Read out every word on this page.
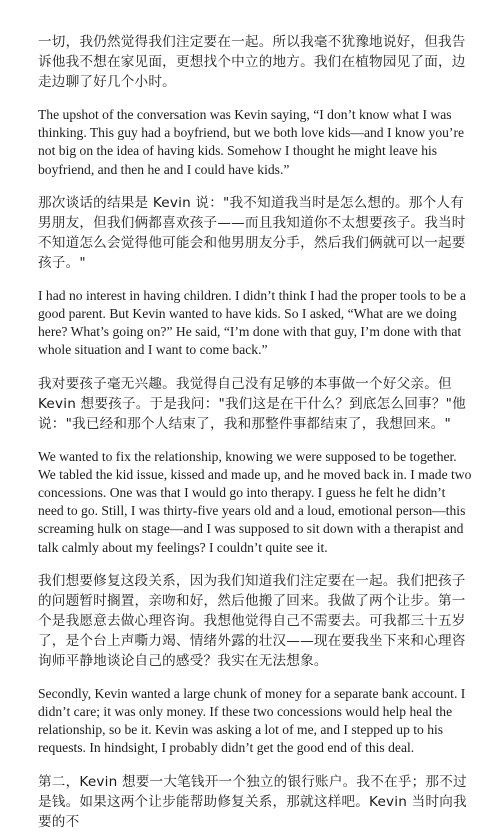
一切，我仍然觉得我们注定要在一起。所以我毫不犹豫地说好，但我告诉他我不想在家见面，更想找个中立的地方。我们在植物园见了面，边走边聊了好几个小时。

The upshot of the conversation was Kevin saying, “I don’t know what I was thinking. This guy had a boyfriend, but we both love kids—and I know you’re not big on the idea of having kids. Somehow I thought he might leave his boyfriend, and then he and I could have kids.”

那次谈话的结果是 Kevin 说："我不知道我当时是怎么想的。那个人有男朋友，但我们俩都喜欢孩子——而且我知道你不太想要孩子。我当时不知道怎么会觉得他可能会和他男朋友分手，然后我们俩就可以一起要孩子。"

I had no interest in having children. I didn’t think I had the proper tools to be a good parent. But Kevin wanted to have kids. So I asked, “What are we doing here? What’s going on?” He said, “I’m done with that guy, I’m done with that whole situation and I want to come back.”

我对要孩子毫无兴趣。我觉得自己没有足够的本事做一个好父亲。但 Kevin 想要孩子。于是我问："我们这是在干什么？到底怎么回事？"他说："我已经和那个人结束了，我和那整件事都结束了，我想回来。"

We wanted to fix the relationship, knowing we were supposed to be together. We tabled the kid issue, kissed and made up, and he moved back in. I made two concessions. One was that I would go into therapy. I guess he felt he didn’t need to go. Still, I was thirty-five years old and a loud, emotional person—this screaming hulk on stage—and I was supposed to sit down with a therapist and talk calmly about my feelings? I couldn’t quite see it.

我们想要修复这段关系，因为我们知道我们注定要在一起。我们把孩子的问题暂时搁置，亲吻和好，然后他搬了回来。我做了两个让步。第一个是我愿意去做心理咨询。我想他觉得自己不需要去。可我都三十五岁了，是个台上声嘶力竭、情绪外露的壮汉——现在要我坐下来和心理咨询师平静地谈论自己的感受？我实在无法想象。

Secondly, Kevin wanted a large chunk of money for a separate bank account. I didn’t care; it was only money. If these two concessions would help heal the relationship, so be it. Kevin was asking a lot of me, and I stepped up to his requests. In hindsight, I probably didn’t get the good end of this deal.

第二，Kevin 想要一大笔钱开一个独立的银行账户。我不在乎；那不过是钱。如果这两个让步能帮助修复关系，那就这样吧。Kevin 当时向我要的不
